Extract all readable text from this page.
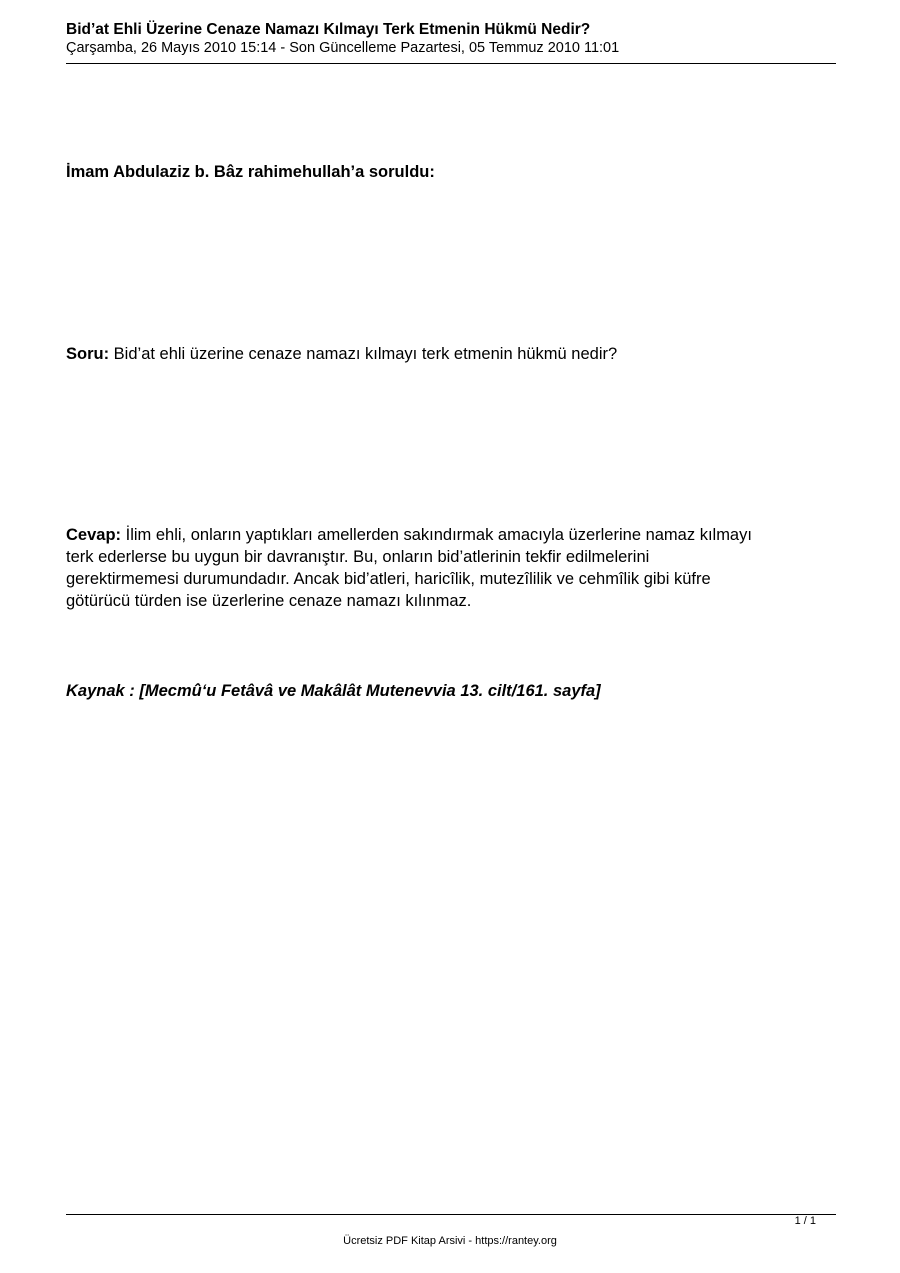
Bid’at Ehli Üzerine Cenaze Namazı Kılmayı Terk Etmenin Hükmü Nedir?
Çarşamba, 26 Mayıs 2010 15:14 - Son Güncelleme Pazartesi, 05 Temmuz 2010 11:01

İmam Abdulaziz b. Bâz rahimehullah’a soruldu:

Soru: Bid’at ehli üzerine cenaze namazı kılmayı terk etmenin hükmü nedir?

Cevap: İlim ehli, onların yaptıkları amellerden sakındırmak amacıyla üzerlerine namaz kılmayı
terk ederlerse bu uygun bir davranıştır. Bu, onların bid’atlerinin tekfir edilmelerini
gerektirmemesi durumundadır. Ancak bid’atleri, haricîlik, mutezîlilik ve cehmîlik gibi küfre
götürücü türden ise üzerlerine cenaze namazı kılınmaz.

Kaynak : [Mecmû‘u Fetâvâ ve Makâlât Mutenevvia 13. cilt/161. sayfa]

1 / 1
Ücretsiz PDF Kitap Arsivi - https://rantey.org
